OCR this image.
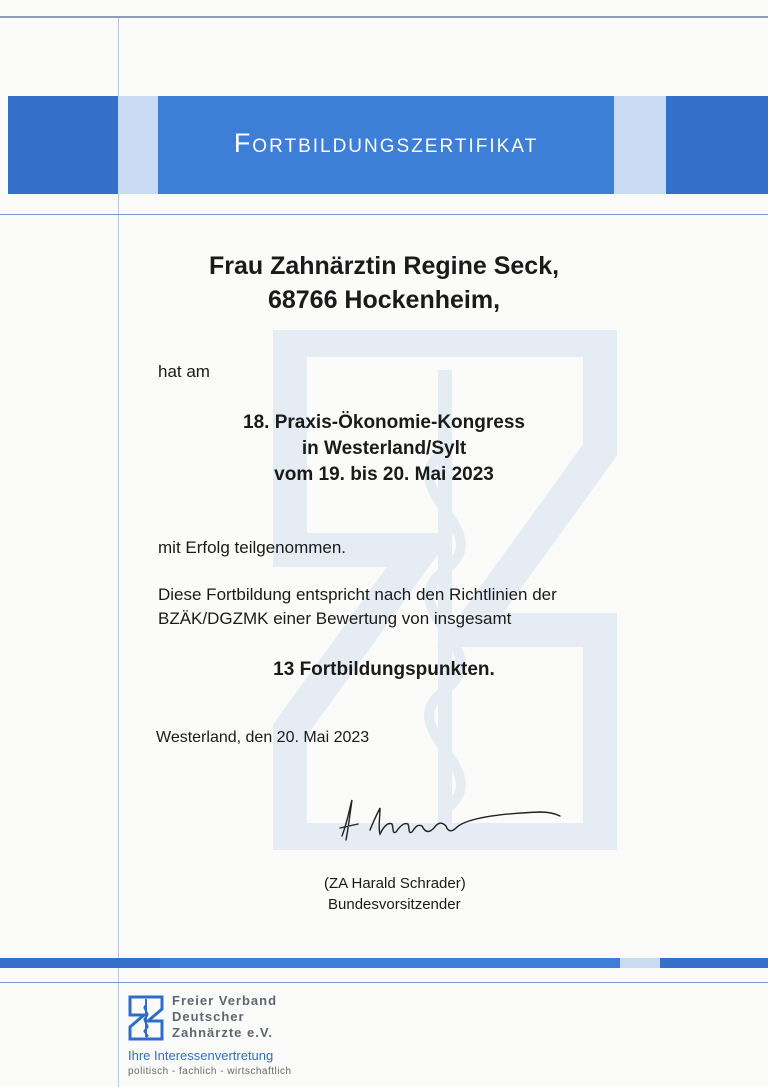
Fortbildungszertifikat
Frau Zahnärztin Regine Seck,
68766 Hockenheim,
hat am
18. Praxis-Ökonomie-Kongress
in Westerland/Sylt
vom 19. bis 20. Mai 2023
mit Erfolg teilgenommen.
Diese Fortbildung entspricht nach den Richtlinien der
BZÄK/DGZMK einer Bewertung von insgesamt
13 Fortbildungspunkten.
Westerland, den 20. Mai 2023
(ZA Harald Schrader)
Bundesvorsitzender
Freier Verband
Deutscher
Zahnärzte e.V.
Ihre Interessenvertretung
politisch - fachlich - wirtschaftlich
